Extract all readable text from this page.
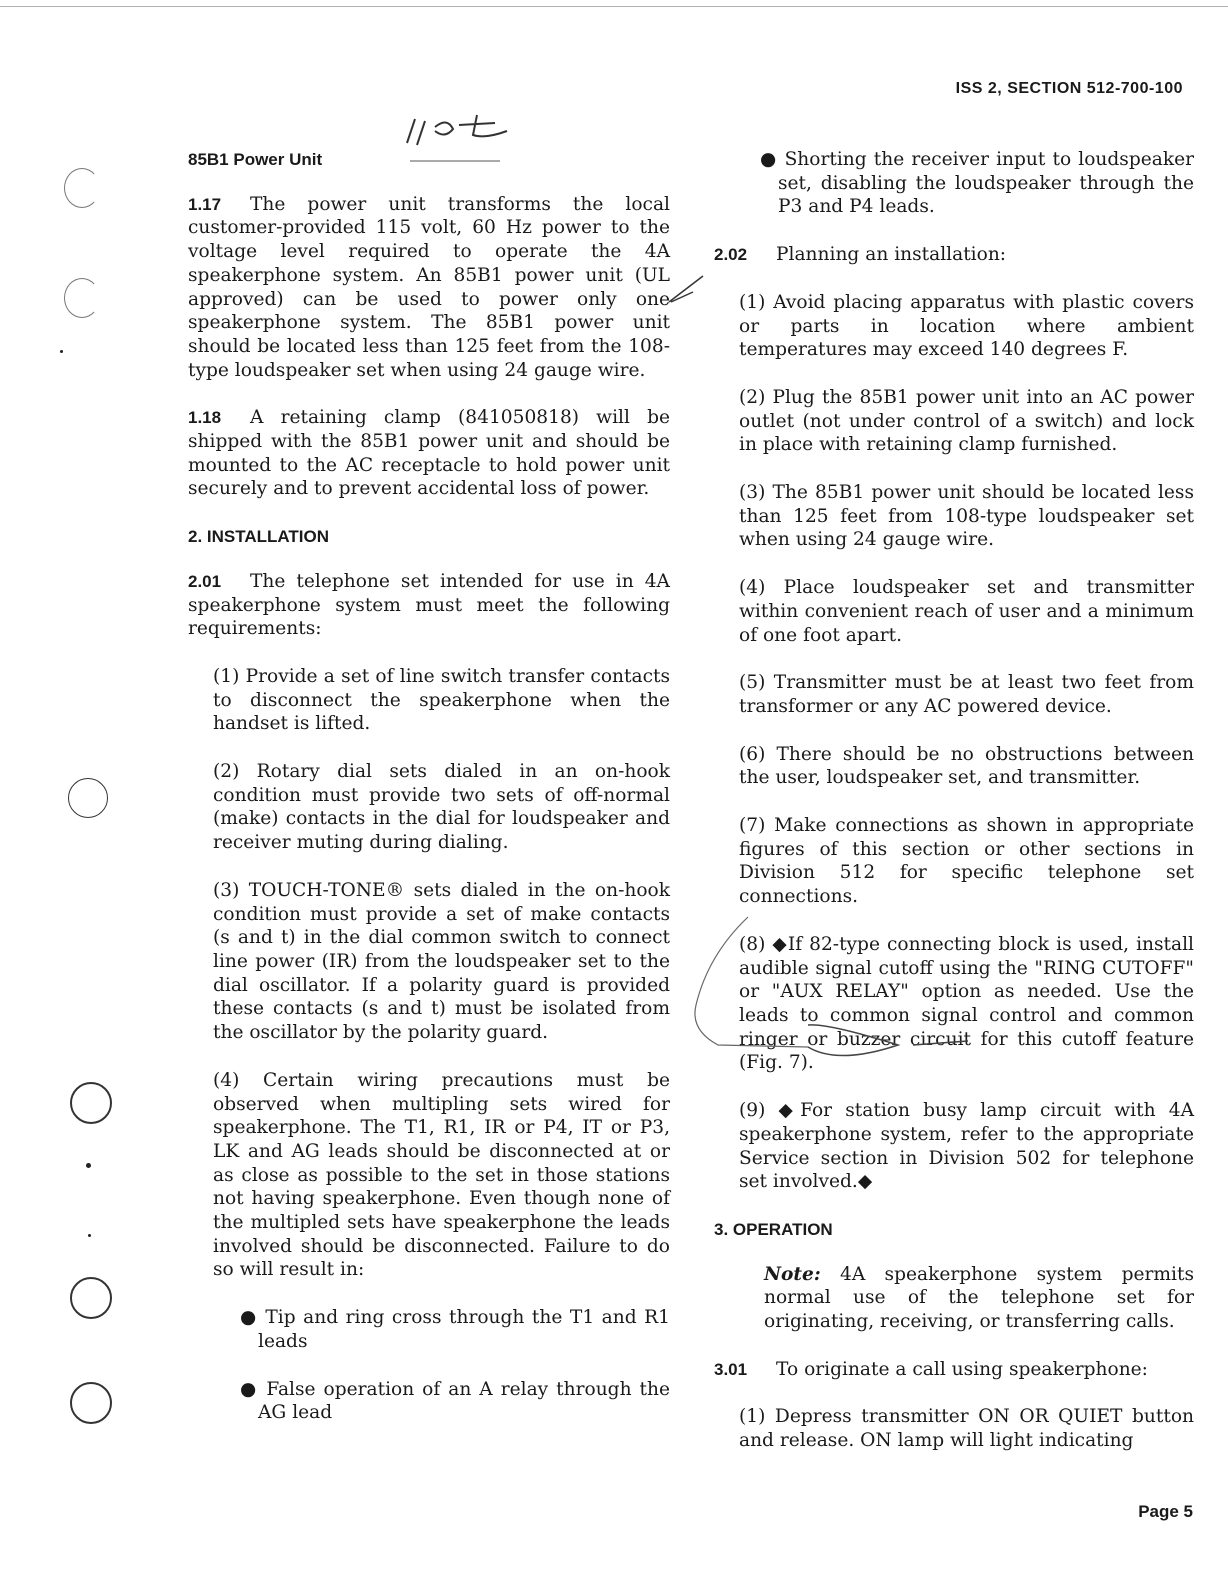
ISS 2, SECTION 512-700-100
85B1 Power Unit
1.17 The power unit transforms the local customer-provided 115 volt, 60 Hz power to the voltage level required to operate the 4A speakerphone system. An 85B1 power unit (UL approved) can be used to power only one speakerphone system. The 85B1 power unit should be located less than 125 feet from the 108-type loudspeaker set when using 24 gauge wire.
1.18 A retaining clamp (841050818) will be shipped with the 85B1 power unit and should be mounted to the AC receptacle to hold power unit securely and to prevent accidental loss of power.
2. INSTALLATION
2.01 The telephone set intended for use in 4A speakerphone system must meet the following requirements:
(1) Provide a set of line switch transfer contacts to disconnect the speakerphone when the handset is lifted.
(2) Rotary dial sets dialed in an on-hook condition must provide two sets of off-normal (make) contacts in the dial for loudspeaker and receiver muting during dialing.
(3) TOUCH-TONE® sets dialed in the on-hook condition must provide a set of make contacts (s and t) in the dial common switch to connect line power (IR) from the loudspeaker set to the dial oscillator. If a polarity guard is provided these contacts (s and t) must be isolated from the oscillator by the polarity guard.
(4) Certain wiring precautions must be observed when multipling sets wired for speakerphone. The T1, R1, IR or P4, IT or P3, LK and AG leads should be disconnected at or as close as possible to the set in those stations not having speakerphone. Even though none of the multipled sets have speakerphone the leads involved should be disconnected. Failure to do so will result in:
● Tip and ring cross through the T1 and R1 leads
● False operation of an A relay through the AG lead
● Shorting the receiver input to loudspeaker set, disabling the loudspeaker through the P3 and P4 leads.
2.02 Planning an installation:
(1) Avoid placing apparatus with plastic covers or parts in location where ambient temperatures may exceed 140 degrees F.
(2) Plug the 85B1 power unit into an AC power outlet (not under control of a switch) and lock in place with retaining clamp furnished.
(3) The 85B1 power unit should be located less than 125 feet from 108-type loudspeaker set when using 24 gauge wire.
(4) Place loudspeaker set and transmitter within convenient reach of user and a minimum of one foot apart.
(5) Transmitter must be at least two feet from transformer or any AC powered device.
(6) There should be no obstructions between the user, loudspeaker set, and transmitter.
(7) Make connections as shown in appropriate figures of this section or other sections in Division 512 for specific telephone set connections.
(8) ◆If 82-type connecting block is used, install audible signal cutoff using the "RING CUTOFF" or "AUX RELAY" option as needed. Use the leads to common signal control and common ringer or buzzer circuit for this cutoff feature (Fig. 7).
(9) ◆For station busy lamp circuit with 4A speakerphone system, refer to the appropriate Service section in Division 502 for telephone set involved.◆
3. OPERATION
Note: 4A speakerphone system permits normal use of the telephone set for originating, receiving, or transferring calls.
3.01 To originate a call using speakerphone:
(1) Depress transmitter ON OR QUIET button and release. ON lamp will light indicating
Page 5
